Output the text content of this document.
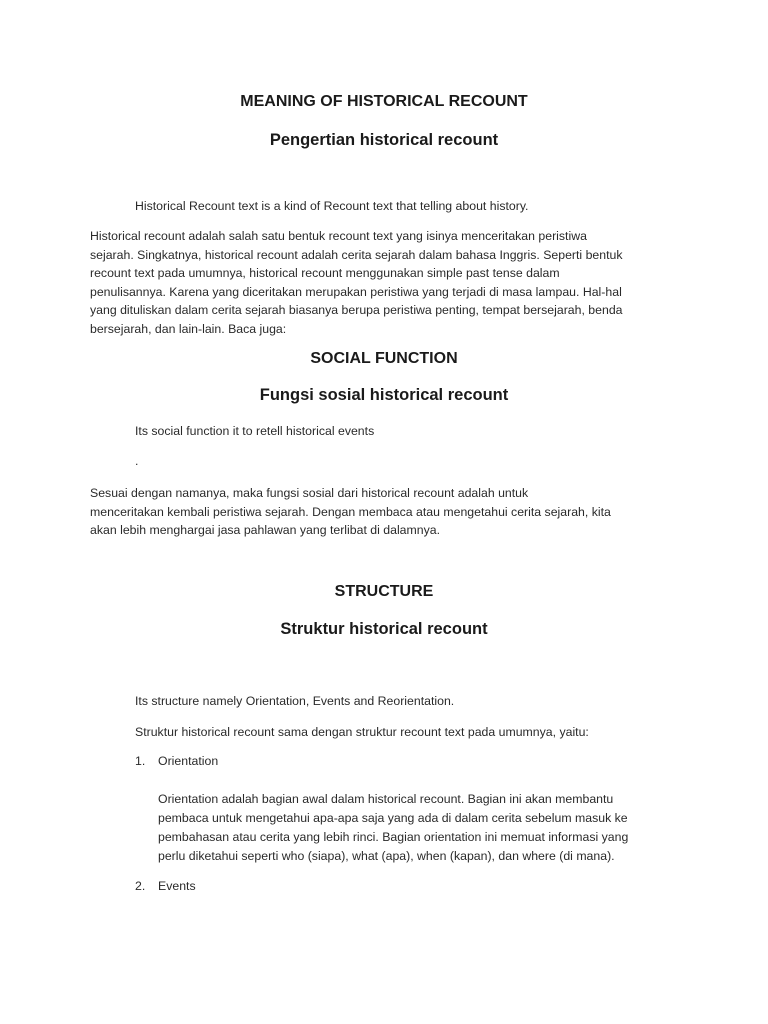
MEANING OF HISTORICAL RECOUNT
Pengertian historical recount
Historical Recount text is a kind of Recount text that telling about history.
Historical recount adalah salah satu bentuk recount text yang isinya menceritakan peristiwa
sejarah. Singkatnya, historical recount adalah cerita sejarah dalam bahasa Inggris. Seperti bentuk
recount text pada umumnya, historical recount menggunakan simple past tense dalam
penulisannya. Karena yang diceritakan merupakan peristiwa yang terjadi di masa lampau. Hal-hal
yang dituliskan dalam cerita sejarah biasanya berupa peristiwa penting, tempat bersejarah, benda
bersejarah, dan lain-lain. Baca juga:
SOCIAL FUNCTION
Fungsi sosial historical recount
Its social function it to retell historical events
.
Sesuai dengan namanya, maka fungsi sosial dari historical recount adalah untuk
menceritakan kembali peristiwa sejarah. Dengan membaca atau mengetahui cerita sejarah, kita
akan lebih menghargai jasa pahlawan yang terlibat di dalamnya.
STRUCTURE
Struktur historical recount
Its structure namely Orientation, Events and Reorientation.
Struktur historical recount sama dengan struktur recount text pada umumnya, yaitu:
1. Orientation
Orientation adalah bagian awal dalam historical recount. Bagian ini akan membantu
pembaca untuk mengetahui apa-apa saja yang ada di dalam cerita sebelum masuk ke
pembahasan atau cerita yang lebih rinci. Bagian orientation ini memuat informasi yang
perlu diketahui seperti who (siapa), what (apa), when (kapan), dan where (di mana).
2. Events
